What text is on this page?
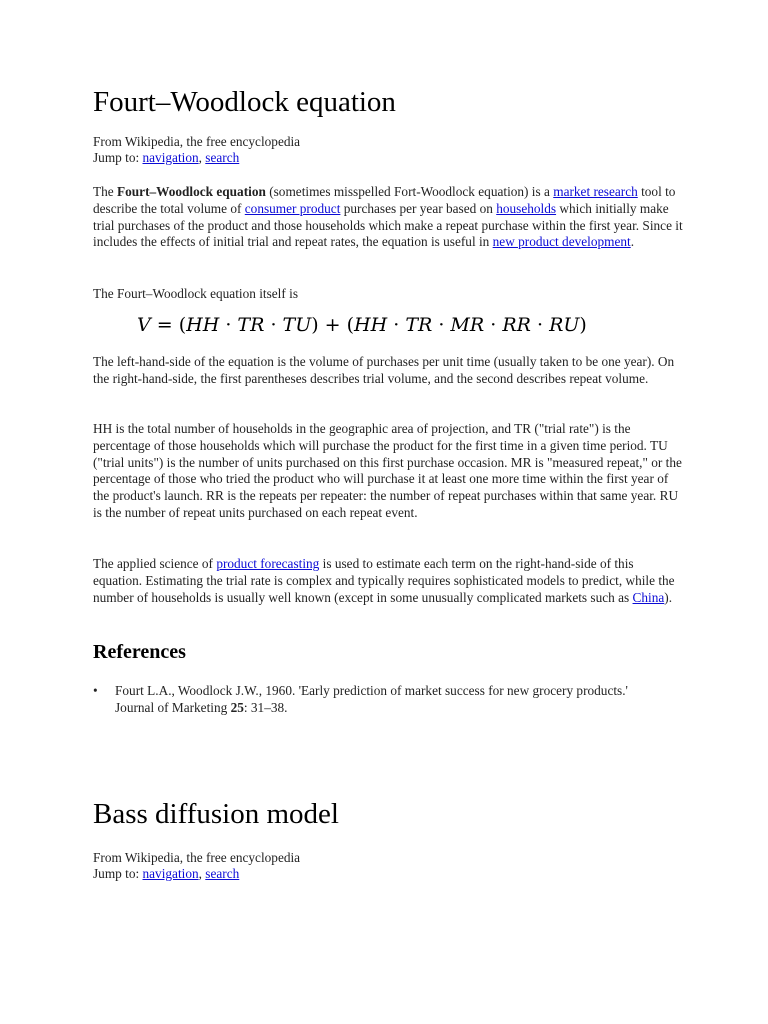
Fourt–Woodlock equation
From Wikipedia, the free encyclopedia
Jump to: navigation, search
The Fourt–Woodlock equation (sometimes misspelled Fort-Woodlock equation) is a market research tool to describe the total volume of consumer product purchases per year based on households which initially make trial purchases of the product and those households which make a repeat purchase within the first year. Since it includes the effects of initial trial and repeat rates, the equation is useful in new product development.
The Fourt–Woodlock equation itself is
V = (HH · TR · TU) + (HH · TR · MR · RR · RU)
The left-hand-side of the equation is the volume of purchases per unit time (usually taken to be one year). On the right-hand-side, the first parentheses describes trial volume, and the second describes repeat volume.
HH is the total number of households in the geographic area of projection, and TR ("trial rate") is the percentage of those households which will purchase the product for the first time in a given time period. TU ("trial units") is the number of units purchased on this first purchase occasion. MR is "measured repeat," or the percentage of those who tried the product who will purchase it at least one more time within the first year of the product's launch. RR is the repeats per repeater: the number of repeat purchases within that same year. RU is the number of repeat units purchased on each repeat event.
The applied science of product forecasting is used to estimate each term on the right-hand-side of this equation. Estimating the trial rate is complex and typically requires sophisticated models to predict, while the number of households is usually well known (except in some unusually complicated markets such as China).
References
• Fourt L.A., Woodlock J.W., 1960. 'Early prediction of market success for new grocery products.' Journal of Marketing 25: 31–38.
Bass diffusion model
From Wikipedia, the free encyclopedia
Jump to: navigation, search
